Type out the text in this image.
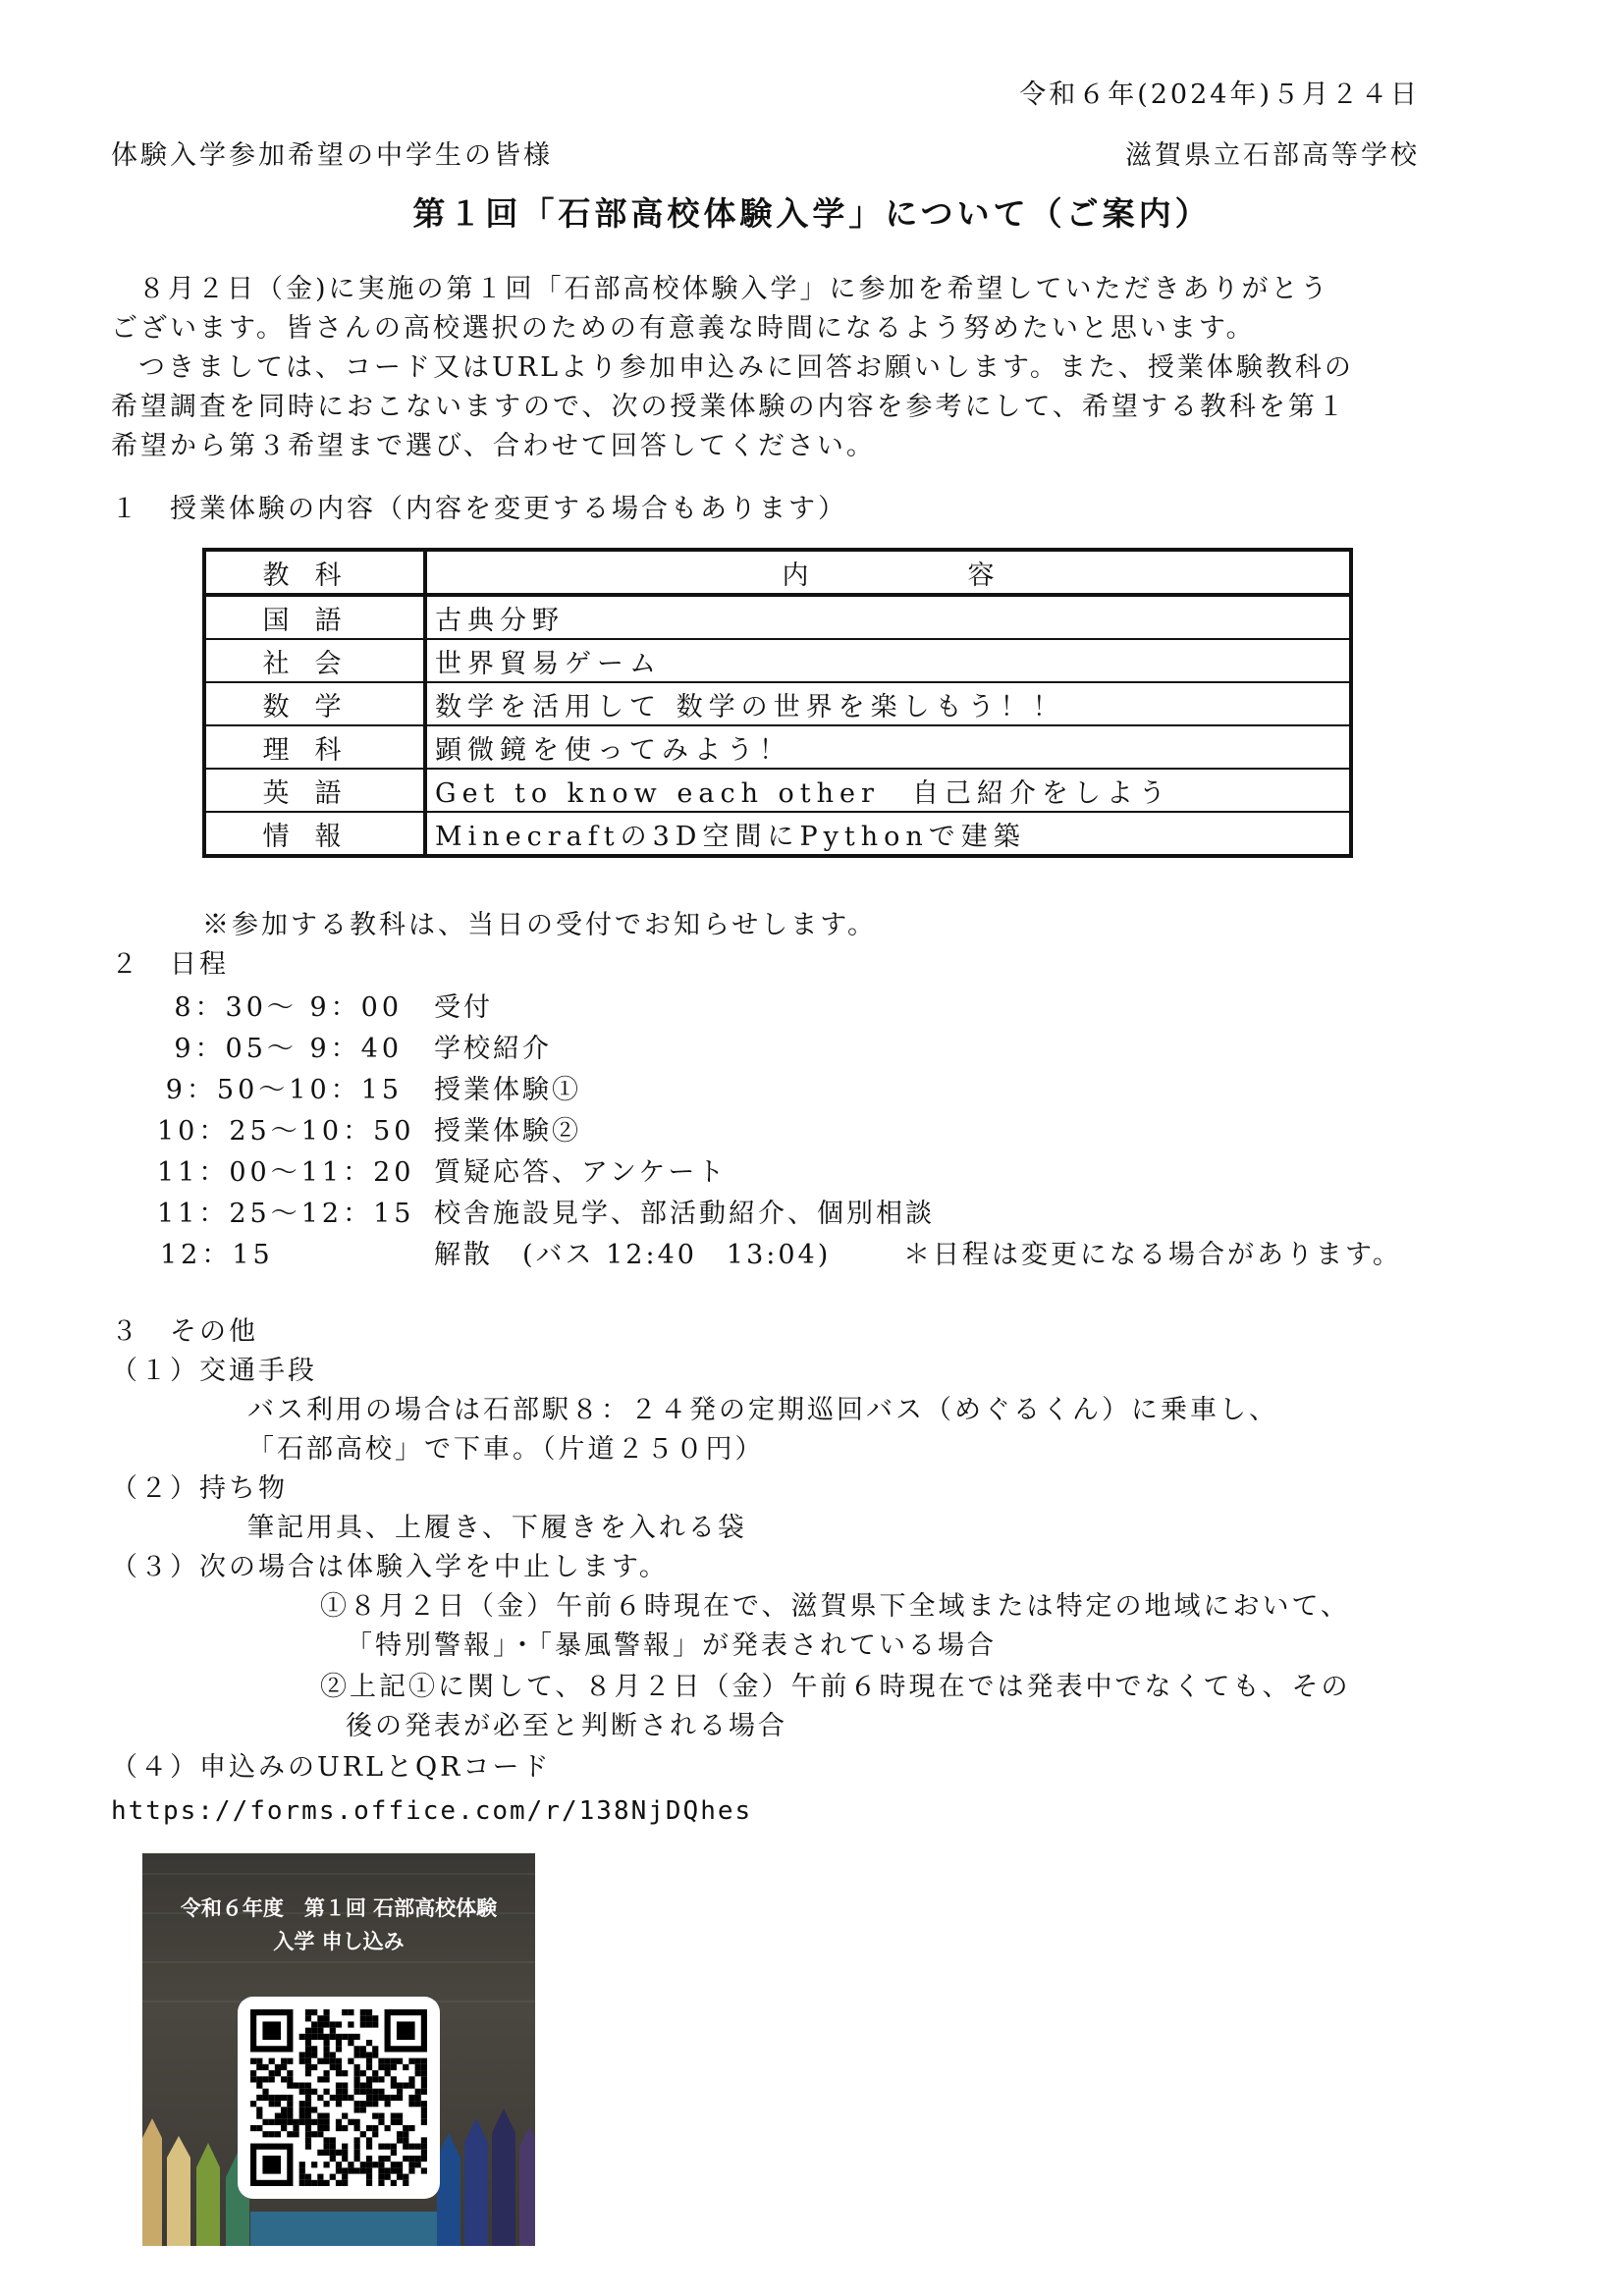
令和６年(2024年)５月２４日
体験入学参加希望の中学生の皆様	滋賀県立石部高等学校
第１回「石部高校体験入学」について（ご案内）
８月２日（金)に実施の第１回「石部高校体験入学」に参加を希望していただきありがとう
ございます。皆さんの高校選択のための有意義な時間になるよう努めたいと思います。
つきましては、コード又はURLより参加申込みに回答お願いします。また、授業体験教科の
希望調査を同時におこないますので、次の授業体験の内容を参考にして、希望する教科を第１
希望から第３希望まで選び、合わせて回答してください。
１　授業体験の内容（内容を変更する場合もあります）
教科	内　　　　　　容
国語	古典分野
社会	世界貿易ゲーム
数学	数学を活用して 数学の世界を楽しもう！！
理科	顕微鏡を使ってみよう！
英語	Get to know each other　自己紹介をしよう
情報	Minecraftの3D空間にPythonで建築
※参加する教科は、当日の受付でお知らせします。
２　日程
8：30～ 9：00 受付
9：05～ 9：40 学校紹介
9：50～10：15 授業体験①
10：25～10：50 授業体験②
11：00～11：20 質疑応答、アンケート
11：25～12：15 校舎施設見学、部活動紹介、個別相談
12：15	解散　(バス 12:40　13:04)	＊日程は変更になる場合があります。
３　その他
（１）交通手段
バス利用の場合は石部駅８：２４発の定期巡回バス（めぐるくん）に乗車し、
「石部高校」で下車。（片道２５０円）
（２）持ち物
筆記用具、上履き、下履きを入れる袋
（３）次の場合は体験入学を中止します。
①８月２日（金）午前６時現在で、滋賀県下全域または特定の地域において、
「特別警報」・「暴風警報」が発表されている場合
②上記①に関して、８月２日（金）午前６時現在では発表中でなくても、その
後の発表が必至と判断される場合
（４）申込みのURLとQRコード
https://forms.office.com/r/138NjDQhes
令和６年度　第１回 石部高校体験
入学 申し込み
